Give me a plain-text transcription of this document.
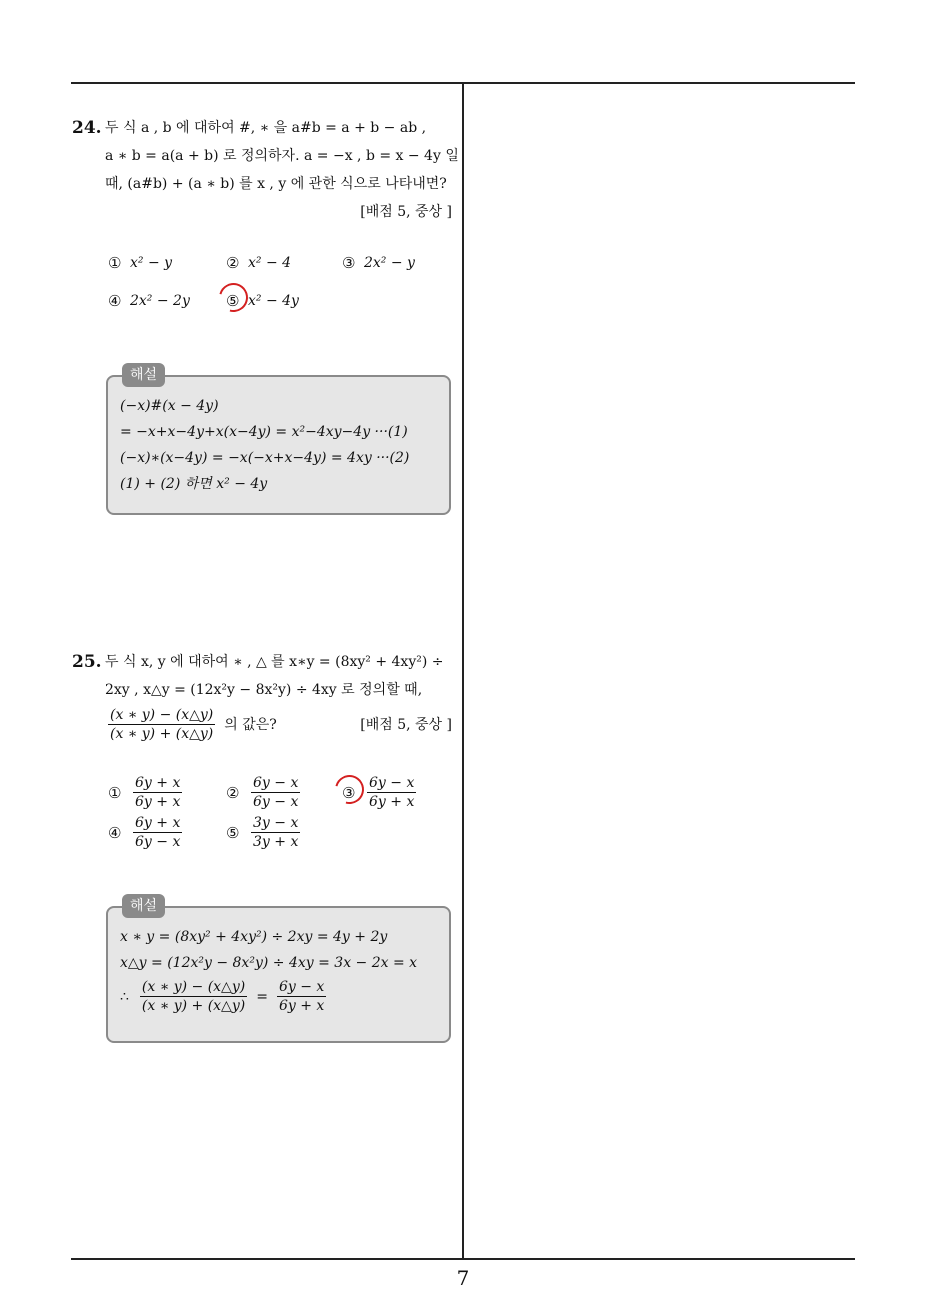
24. 두 식 a , b 에 대하여 #, ∗ 을 a#b = a + b − ab ,
a ∗ b = a(a + b) 로 정의하자. a = −x , b = x − 4y 일
때, (a#b) + (a ∗ b) 를 x , y 에 관한 식으로 나타내면?
[배점 5, 중상 ]
① x² − y	② x² − 4	③ 2x² − y
④ 2x² − 2y ⑤ x² − 4y
해설
(−x)#(x − 4y)
= −x+x−4y+x(x−4y) = x²−4xy−4y ···(1)
(−x)∗(x−4y) = −x(−x+x−4y) = 4xy ···(2)
(1) + (2) 하면 x² − 4y
25. 두 식 x, y 에 대하여 ∗ , △ 를 x∗y = (8xy² + 4xy²) ÷
2xy , x△y = (12x²y − 8x²y) ÷ 4xy 로 정의할 때,
$\frac{(x ∗ y) - (x\triangle y)}{(x ∗ y) + (x\triangle y)}$ 의 값은?	[배점 5, 중상 ]
① $\frac{6y + x}{6y + x}$	② $\frac{6y - x}{6y - x}$	③ $\frac{6y - x}{6y + x}$
④ $\frac{6y + x}{6y - x}$	⑤ $\frac{3y - x}{3y + x}$
해설
x ∗ y = (8xy² + 4xy²) ÷ 2xy = 4y + 2y
x△y = (12x²y − 8x²y) ÷ 4xy = 3x − 2x = x
∴ $\frac{(x ∗ y) - (x\triangle y)}{(x ∗ y) + (x\triangle y)} = \frac{6y - x}{6y + x}$
7
